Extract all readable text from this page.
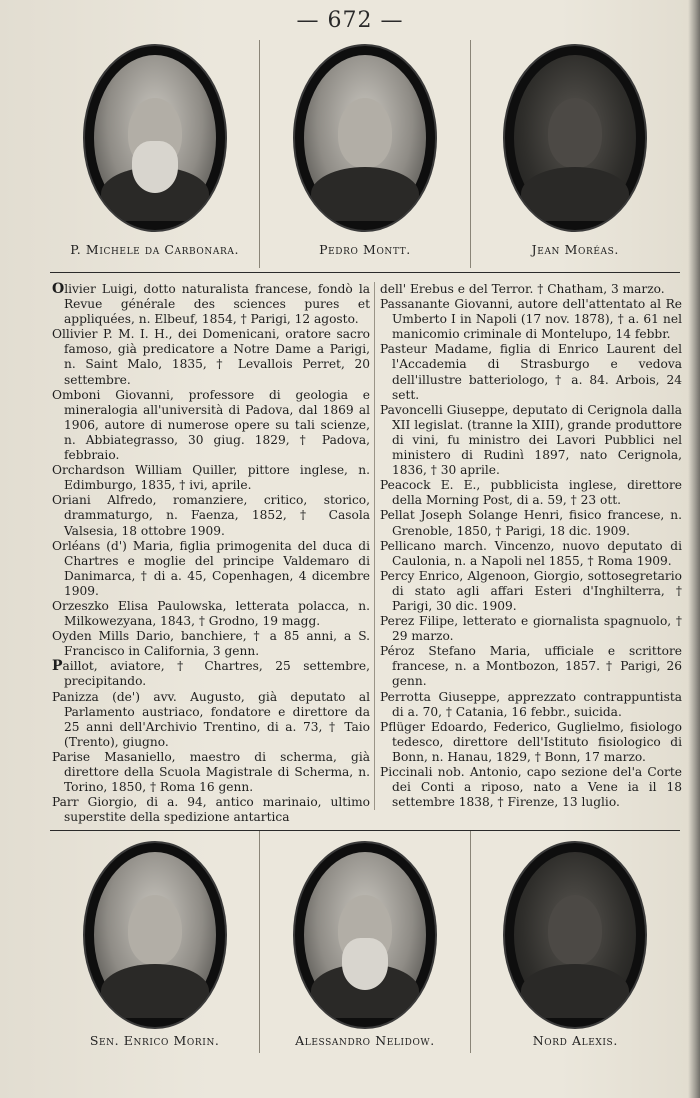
— 672 —
P. Michele da Carbonara.	Pedro Montt.	Jean Moréas.

Olivier Luigi, dotto naturalista francese, fondò la Revue générale des sciences pures et appliquées, n. Elbeuf, 1854, † Parigi, 12 agosto.

Ollivier P. M. I. H., dei Domenicani, oratore sacro famoso, già predicatore a Notre Dame a Parigi, n. Saint Malo, 1835, † Levallois Perret, 20 settembre.

Omboni Giovanni, professore di geologia e mineralogia all'università di Padova, dal 1869 al 1906, autore di numerose opere su tali scienze, n. Abbiategrasso, 30 giug. 1829, † Padova, febbraio.

Orchardson William Quiller, pittore inglese, n. Edimburgo, 1835, † ivi, aprile.

Oriani Alfredo, romanziere, critico, storico, drammaturgo, n. Faenza, 1852, † Casola Valsesia, 18 ottobre 1909.

Orléans (d') Maria, figlia primogenita del duca di Chartres e moglie del principe Valdemaro di Danimarca, † di a. 45, Copenhagen, 4 dicembre 1909.

Orzeszko Elisa Paulowska, letterata polacca, n. Milkowezyana, 1843, † Grodno, 19 magg.

Oyden Mills Dario, banchiere, † a 85 anni, a S. Francisco in California, 3 genn.

Paillot, aviatore, † Chartres, 25 settembre, precipitando.

Panizza (de') avv. Augusto, già deputato al Parlamento austriaco, fondatore e direttore da 25 anni dell'Archivio Trentino, di a. 73, † Taio (Trento), giugno.

Parise Masaniello, maestro di scherma, già direttore della Scuola Magistrale di Scherma, n. Torino, 1850, † Roma 16 genn.

Parr Giorgio, di a. 94, antico marinaio, ultimo superstite della spedizione antartica

dell' Erebus e del Terror. † Chatham, 3 marzo.

Passanante Giovanni, autore dell'attentato al Re Umberto I in Napoli (17 nov. 1878), † a. 61 nel manicomio criminale di Montelupo, 14 febbr.

Pasteur Madame, figlia di Enrico Laurent del l'Accademia di Strasburgo e vedova dell'illustre batteriologo, † a. 84. Arbois, 24 sett.

Pavoncelli Giuseppe, deputato di Cerignola dalla XII legislat. (tranne la XIII), grande produttore di vini, fu ministro dei Lavori Pubblici nel ministero di Rudinì 1897, nato Cerignola, 1836, † 30 aprile.

Peacock E. E., pubblicista inglese, direttore della Morning Post, di a. 59, † 23 ott.

Pellat Joseph Solange Henri, fisico francese, n. Grenoble, 1850, † Parigi, 18 dic. 1909.

Pellicano march. Vincenzo, nuovo deputato di Caulonia, n. a Napoli nel 1855, † Roma 1909.

Percy Enrico, Algenoon, Giorgio, sottosegretario di stato agli affari Esteri d'Inghilterra, † Parigi, 30 dic. 1909.

Perez Filipe, letterato e giornalista spagnuolo, † 29 marzo.

Péroz Stefano Maria, ufficiale e scrittore francese, n. a Montbozon, 1857. † Parigi, 26 genn.

Perrotta Giuseppe, apprezzato contrappuntista di a. 70, † Catania, 16 febbr., suicida.

Pflüger Edoardo, Federico, Guglielmo, fisiologo tedesco, direttore dell'Istituto fisiologico di Bonn, n. Hanau, 1829, † Bonn, 17 marzo.

Piccinali nob. Antonio, capo sezione del'a Corte dei Conti a riposo, nato a Vene ia il 18 settembre 1838, † Firenze, 13 luglio.

Sen. Enrico Morin.	Alessandro Nelidow.	Nord Alexis.
